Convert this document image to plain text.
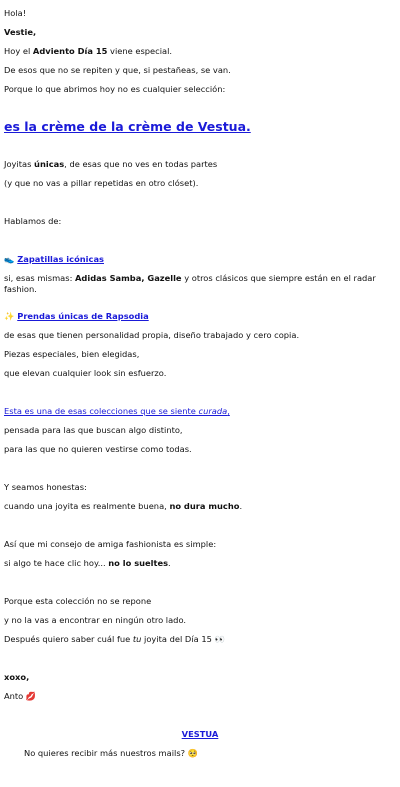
Hola!

Vestie,

Hoy el Adviento Día 15 viene especial.

De esos que no se repiten y que, si pestañeas, se van.

Porque lo que abrimos hoy no es cualquier selección:

es la crème de la crème de Vestua.

Joyitas únicas, de esas que no ves en todas partes

(y que no vas a pillar repetidas en otro clóset).

Hablamos de:

👟 Zapatillas icónicas

si, esas mismas: Adidas Samba, Gazelle y otros clásicos que siempre están en el radar fashion.

✨ Prendas únicas de Rapsodia

de esas que tienen personalidad propia, diseño trabajado y cero copia.

Piezas especiales, bien elegidas,

que elevan cualquier look sin esfuerzo.

Esta es una de esas colecciones que se siente curada,

pensada para las que buscan algo distinto,

para las que no quieren vestirse como todas.

Y seamos honestas:

cuando una joyita es realmente buena, no dura mucho.

Así que mi consejo de amiga fashionista es simple:

si algo te hace clic hoy... no lo sueltes.

Porque esta colección no se repone

y no la vas a encontrar en ningún otro lado.

Después quiero saber cuál fue tu joyita del Día 15 👀

xoxo,

Anto 💋

VESTUA

No quieres recibir más nuestros mails? 🥺
